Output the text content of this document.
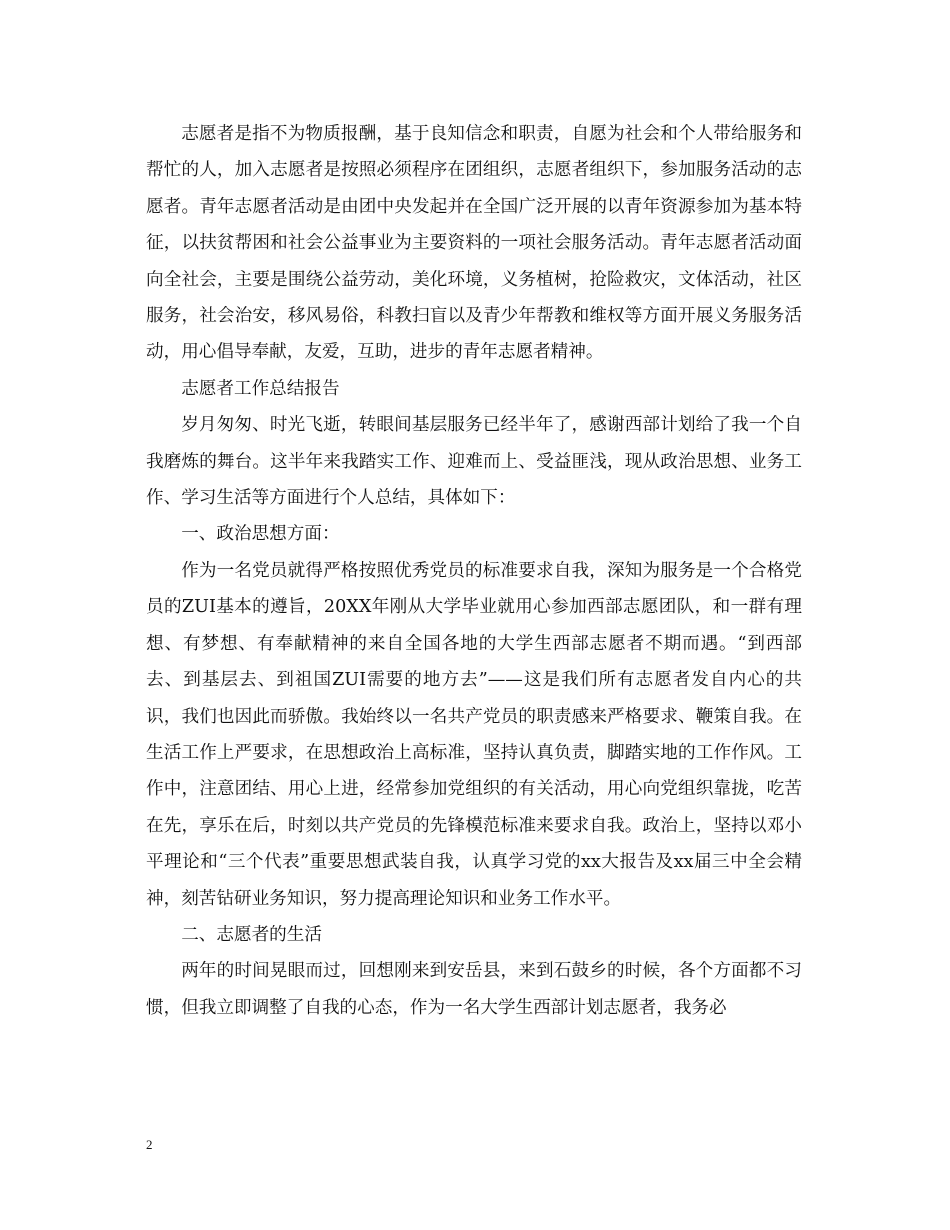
志愿者是指不为物质报酬，基于良知信念和职责，自愿为社会和个人带给服务和帮忙的人，加入志愿者是按照必须程序在团组织，志愿者组织下，参加服务活动的志愿者。青年志愿者活动是由团中央发起并在全国广泛开展的以青年资源参加为基本特征，以扶贫帮困和社会公益事业为主要资料的一项社会服务活动。青年志愿者活动面向全社会，主要是围绕公益劳动，美化环境，义务植树，抢险救灾，文体活动，社区服务，社会治安，移风易俗，科教扫盲以及青少年帮教和维权等方面开展义务服务活动，用心倡导奉献，友爱，互助，进步的青年志愿者精神。

志愿者工作总结报告

岁月匆匆、时光飞逝，转眼间基层服务已经半年了，感谢西部计划给了我一个自我磨炼的舞台。这半年来我踏实工作、迎难而上、受益匪浅，现从政治思想、业务工作、学习生活等方面进行个人总结，具体如下：

一、政治思想方面：

作为一名党员就得严格按照优秀党员的标准要求自我，深知为服务是一个合格党员的ZUI基本的遵旨，20XX年刚从大学毕业就用心参加西部志愿团队，和一群有理想、有梦想、有奉献精神的来自全国各地的大学生西部志愿者不期而遇。“到西部去、到基层去、到祖国ZUI需要的地方去”——这是我们所有志愿者发自内心的共识，我们也因此而骄傲。我始终以一名共产党员的职责感来严格要求、鞭策自我。在生活工作上严要求，在思想政治上高标准，坚持认真负责，脚踏实地的工作作风。工作中，注意团结、用心上进，经常参加党组织的有关活动，用心向党组织靠拢，吃苦在先，享乐在后，时刻以共产党员的先锋模范标准来要求自我。政治上，坚持以邓小平理论和“三个代表”重要思想武装自我，认真学习党的xx大报告及xx届三中全会精神，刻苦钻研业务知识，努力提高理论知识和业务工作水平。

二、志愿者的生活

两年的时间晃眼而过，回想刚来到安岳县，来到石鼓乡的时候，各个方面都不习惯，但我立即调整了自我的心态，作为一名大学生西部计划志愿者，我务必

2
